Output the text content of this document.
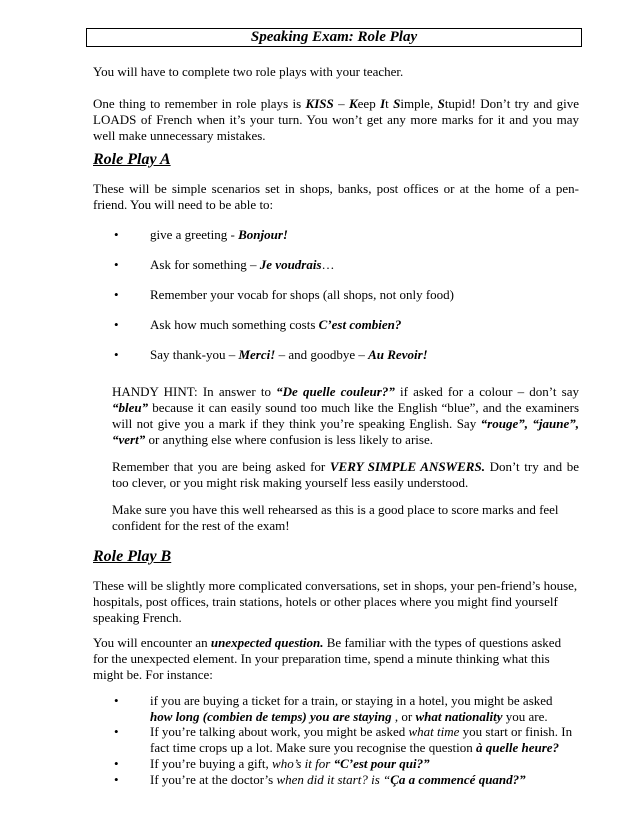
Speaking Exam: Role Play

You will have to complete two role plays with your teacher.

One thing to remember in role plays is KISS – Keep It Simple, Stupid! Don’t try and give LOADS of French when it’s your turn. You won’t get any more marks for it and you may well make unnecessary mistakes.

Role Play A

These will be simple scenarios set in shops, banks, post offices or at the home of a pen-friend. You will need to be able to:

•	give a greeting - Bonjour!

•	Ask for something – Je voudrais…

•	Remember your vocab for shops (all shops, not only food)

•	Ask how much something costs C’est combien?

•	Say thank-you – Merci! – and goodbye – Au Revoir!

HANDY HINT: In answer to “De quelle couleur?” if asked for a colour – don’t say “bleu” because it can easily sound too much like the English “blue”, and the examiners will not give you a mark if they think you’re speaking English. Say “rouge”, “jaune”, “vert” or anything else where confusion is less likely to arise.

Remember that you are being asked for VERY SIMPLE ANSWERS. Don’t try and be too clever, or you might risk making yourself less easily understood.

Make sure you have this well rehearsed as this is a good place to score marks and feel confident for the rest of the exam!

Role Play B

These will be slightly more complicated conversations, set in shops, your pen-friend’s house, hospitals, post offices, train stations, hotels or other places where you might find yourself speaking French.

You will encounter an unexpected question. Be familiar with the types of questions asked for the unexpected element. In your preparation time, spend a minute thinking what this might be. For instance:

•	if you are buying a ticket for a train, or staying in a hotel, you might be asked how long (combien de temps) you are staying , or what nationality you are.

•	If you’re talking about work, you might be asked what time you start or finish. In fact time crops up a lot. Make sure you recognise the question à quelle heure?

•	If you’re buying a gift, who’s it for “C’est pour qui?”

•	If you’re at the doctor’s when did it start? is “Ça a commencé quand?”
